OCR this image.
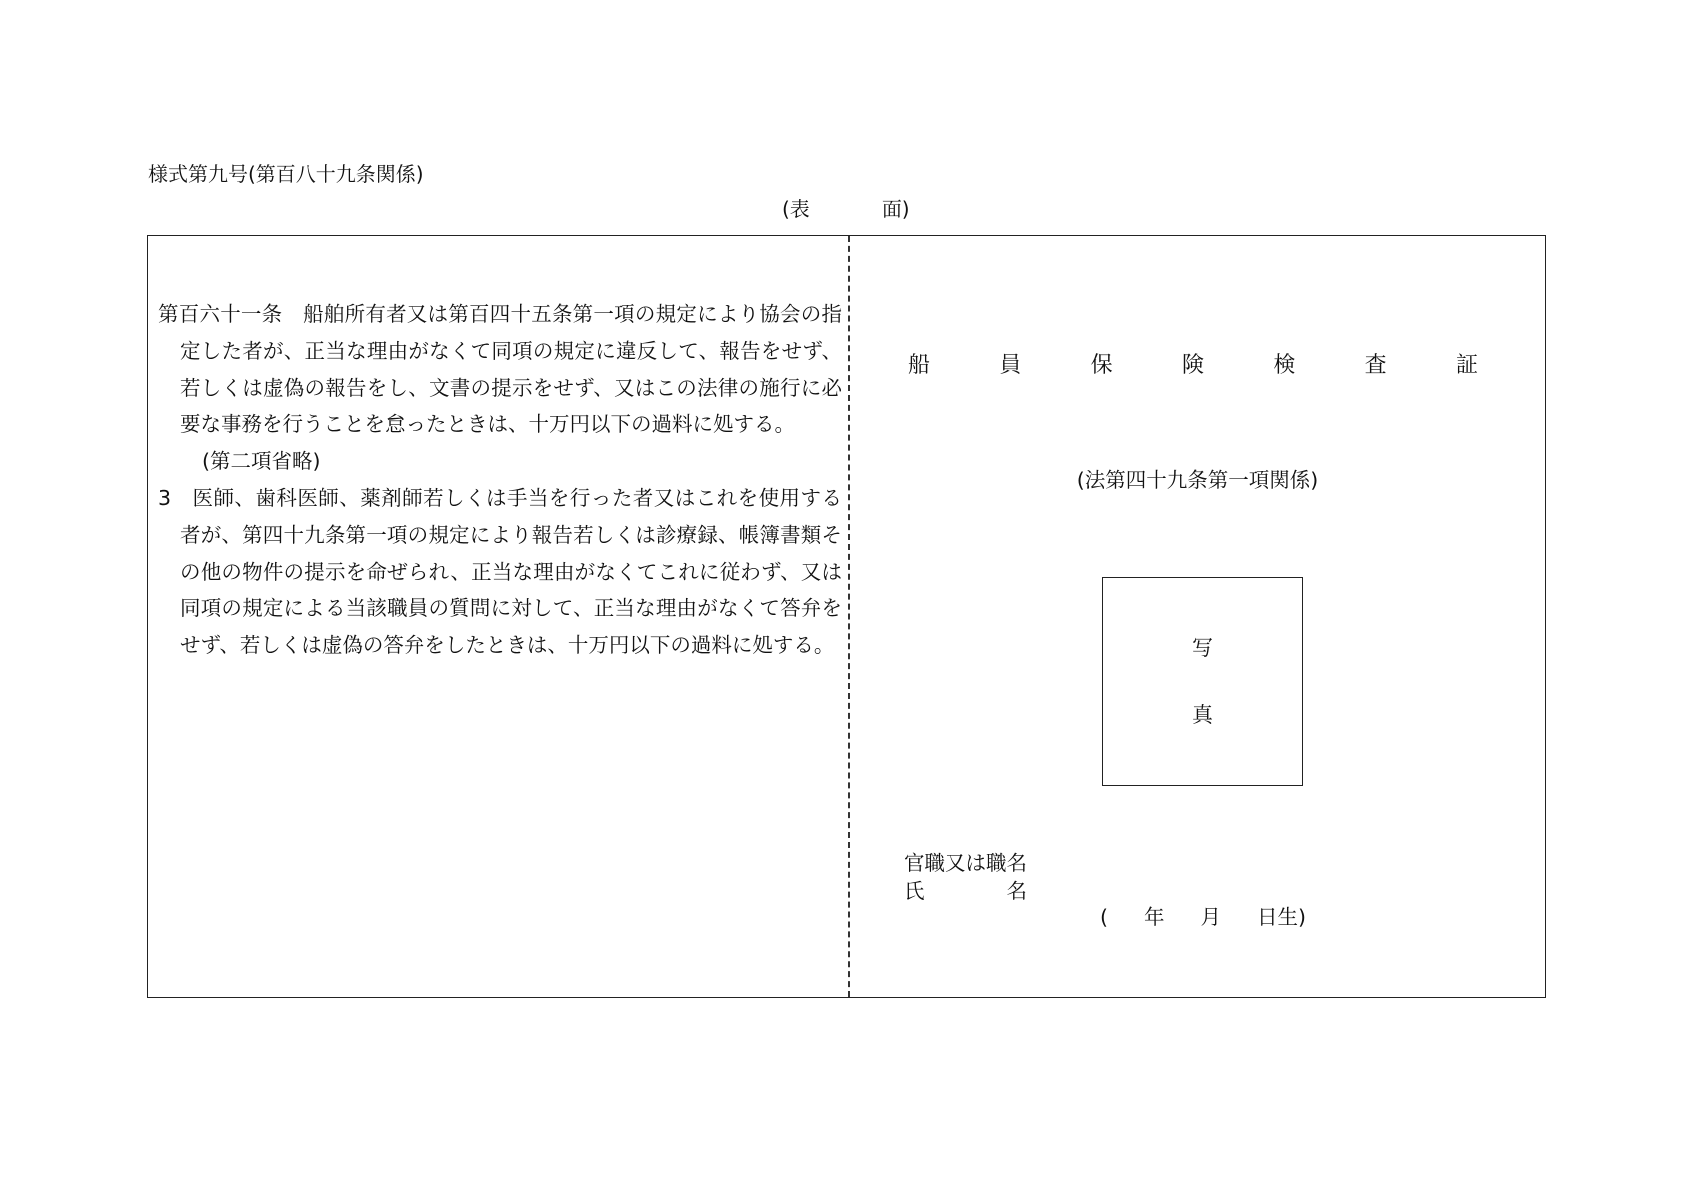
様式第九号(第百八十九条関係)
(表	面)
第百六十一条　船舶所有者又は第百四十五条第一項の規定により協会の指定した者が、正当な理由がなくて同項の規定に違反して、報告をせず、若しくは虚偽の報告をし、文書の提示をせず、又はこの法律の施行に必要な事務を行うことを怠ったときは、十万円以下の過料に処する。
(第二項省略)
3　医師、歯科医師、薬剤師若しくは手当を行った者又はこれを使用する者が、第四十九条第一項の規定により報告若しくは診療録、帳簿書類その他の物件の提示を命ぜられ、正当な理由がなくてこれに従わず、又は同項の規定による当該職員の質問に対して、正当な理由がなくて答弁をせず、若しくは虚偽の答弁をしたときは、十万円以下の過料に処する。
船	員	保	険	検	査	証
(法第四十九条第一項関係)
写
真
官職又は職名
氏	名
( 年 月 日生)
